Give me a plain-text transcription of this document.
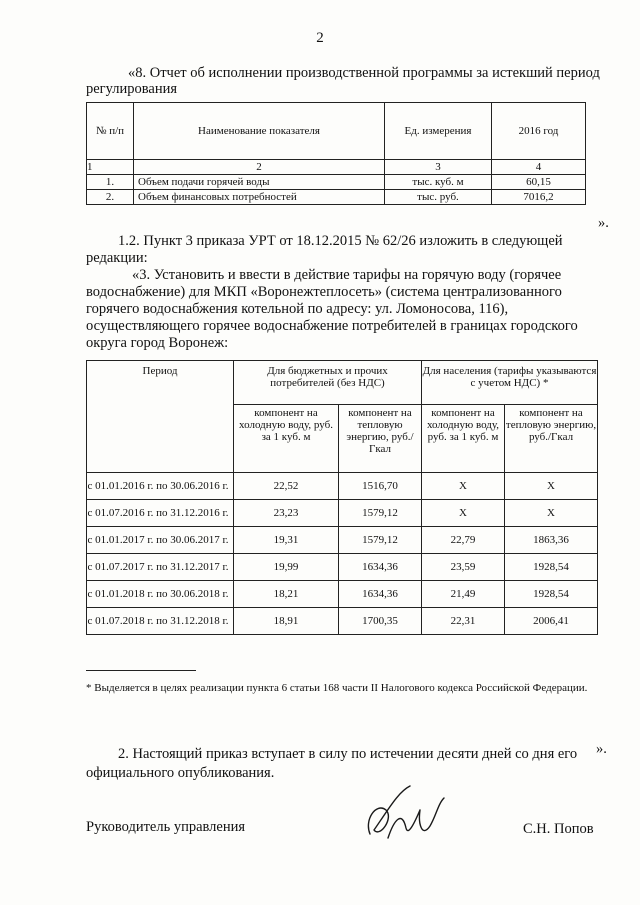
2
«8. Отчет об исполнении производственной программы за истекший период
регулирования
№ п/п	Наименование показателя	Ед. измерения	2016 год
1	2	3	4
1.	Объем подачи горячей воды	тыс. куб. м	60,15
2.	Объем финансовых потребностей	тыс. руб.	7016,2
».
1.2. Пункт 3 приказа УРТ от 18.12.2015 № 62/26 изложить в следующей
редакции:
«3. Установить и ввести в действие тарифы на горячую воду (горячее
водоснабжение) для МКП «Воронежтеплосеть» (система централизованного
горячего водоснабжения котельной по адресу: ул. Ломоносова, 116),
осуществляющего горячее водоснабжение потребителей в границах городского
округа город Воронеж:
Период	Для бюджетных и прочих потребителей (без НДС)		Для населения (тарифы указываются с учетом НДС) *	
	компонент на холодную воду, руб. за 1 куб. м	компонент на тепловую энергию, руб./Гкал	компонент на холодную воду, руб. за 1 куб. м	компонент на тепловую энергию, руб./Гкал
с 01.01.2016 г. по 30.06.2016 г.	22,52	1516,70	X	X
с 01.07.2016 г. по 31.12.2016 г.	23,23	1579,12	X	X
с 01.01.2017 г. по 30.06.2017 г.	19,31	1579,12	22,79	1863,36
с 01.07.2017 г. по 31.12.2017 г.	19,99	1634,36	23,59	1928,54
с 01.01.2018 г. по 30.06.2018 г.	18,21	1634,36	21,49	1928,54
с 01.07.2018 г. по 31.12.2018 г.	18,91	1700,35	22,31	2006,41
* Выделяется в целях реализации пункта 6 статьи 168 части II Налогового кодекса Российской Федерации.
».
2. Настоящий приказ вступает в силу по истечении десяти дней со дня его
официального опубликования.
Руководитель управления	С.Н. Попов
